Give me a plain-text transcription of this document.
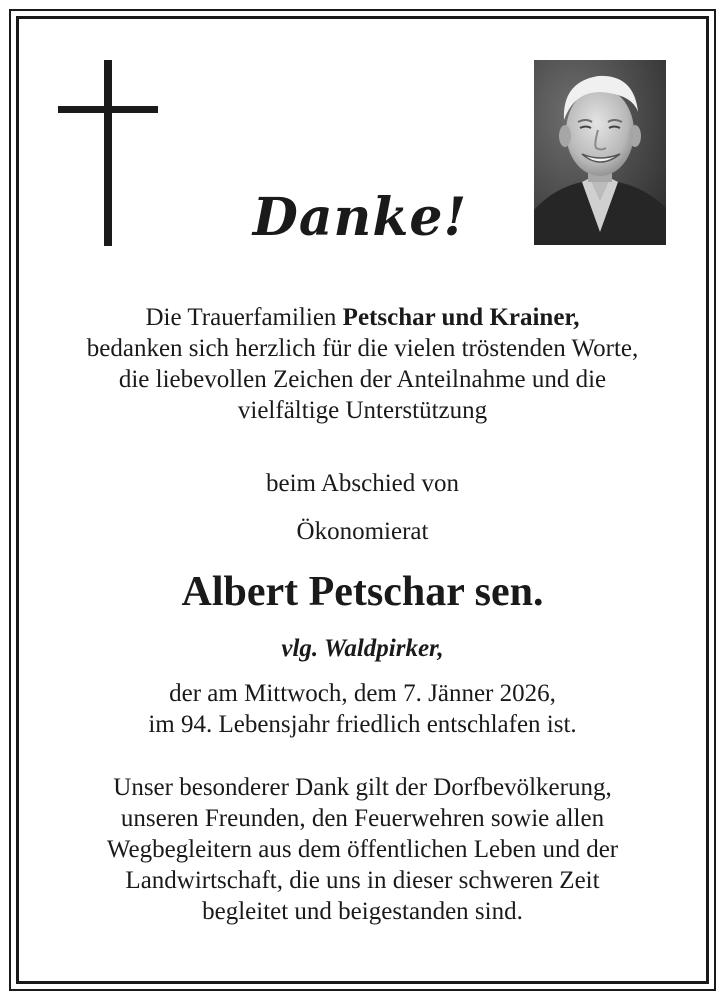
Danke!

Die Trauerfamilien Petschar und Krainer,
bedanken sich herzlich für die vielen tröstenden Worte,
die liebevollen Zeichen der Anteilnahme und die
vielfältige Unterstützung

beim Abschied von

Ökonomierat

Albert Petschar sen.

vlg. Waldpirker,

der am Mittwoch, dem 7. Jänner 2026,
im 94. Lebensjahr friedlich entschlafen ist.

Unser besonderer Dank gilt der Dorfbevölkerung,
unseren Freunden, den Feuerwehren sowie allen
Wegbegleitern aus dem öffentlichen Leben und der
Landwirtschaft, die uns in dieser schweren Zeit
begleitet und beigestanden sind.
